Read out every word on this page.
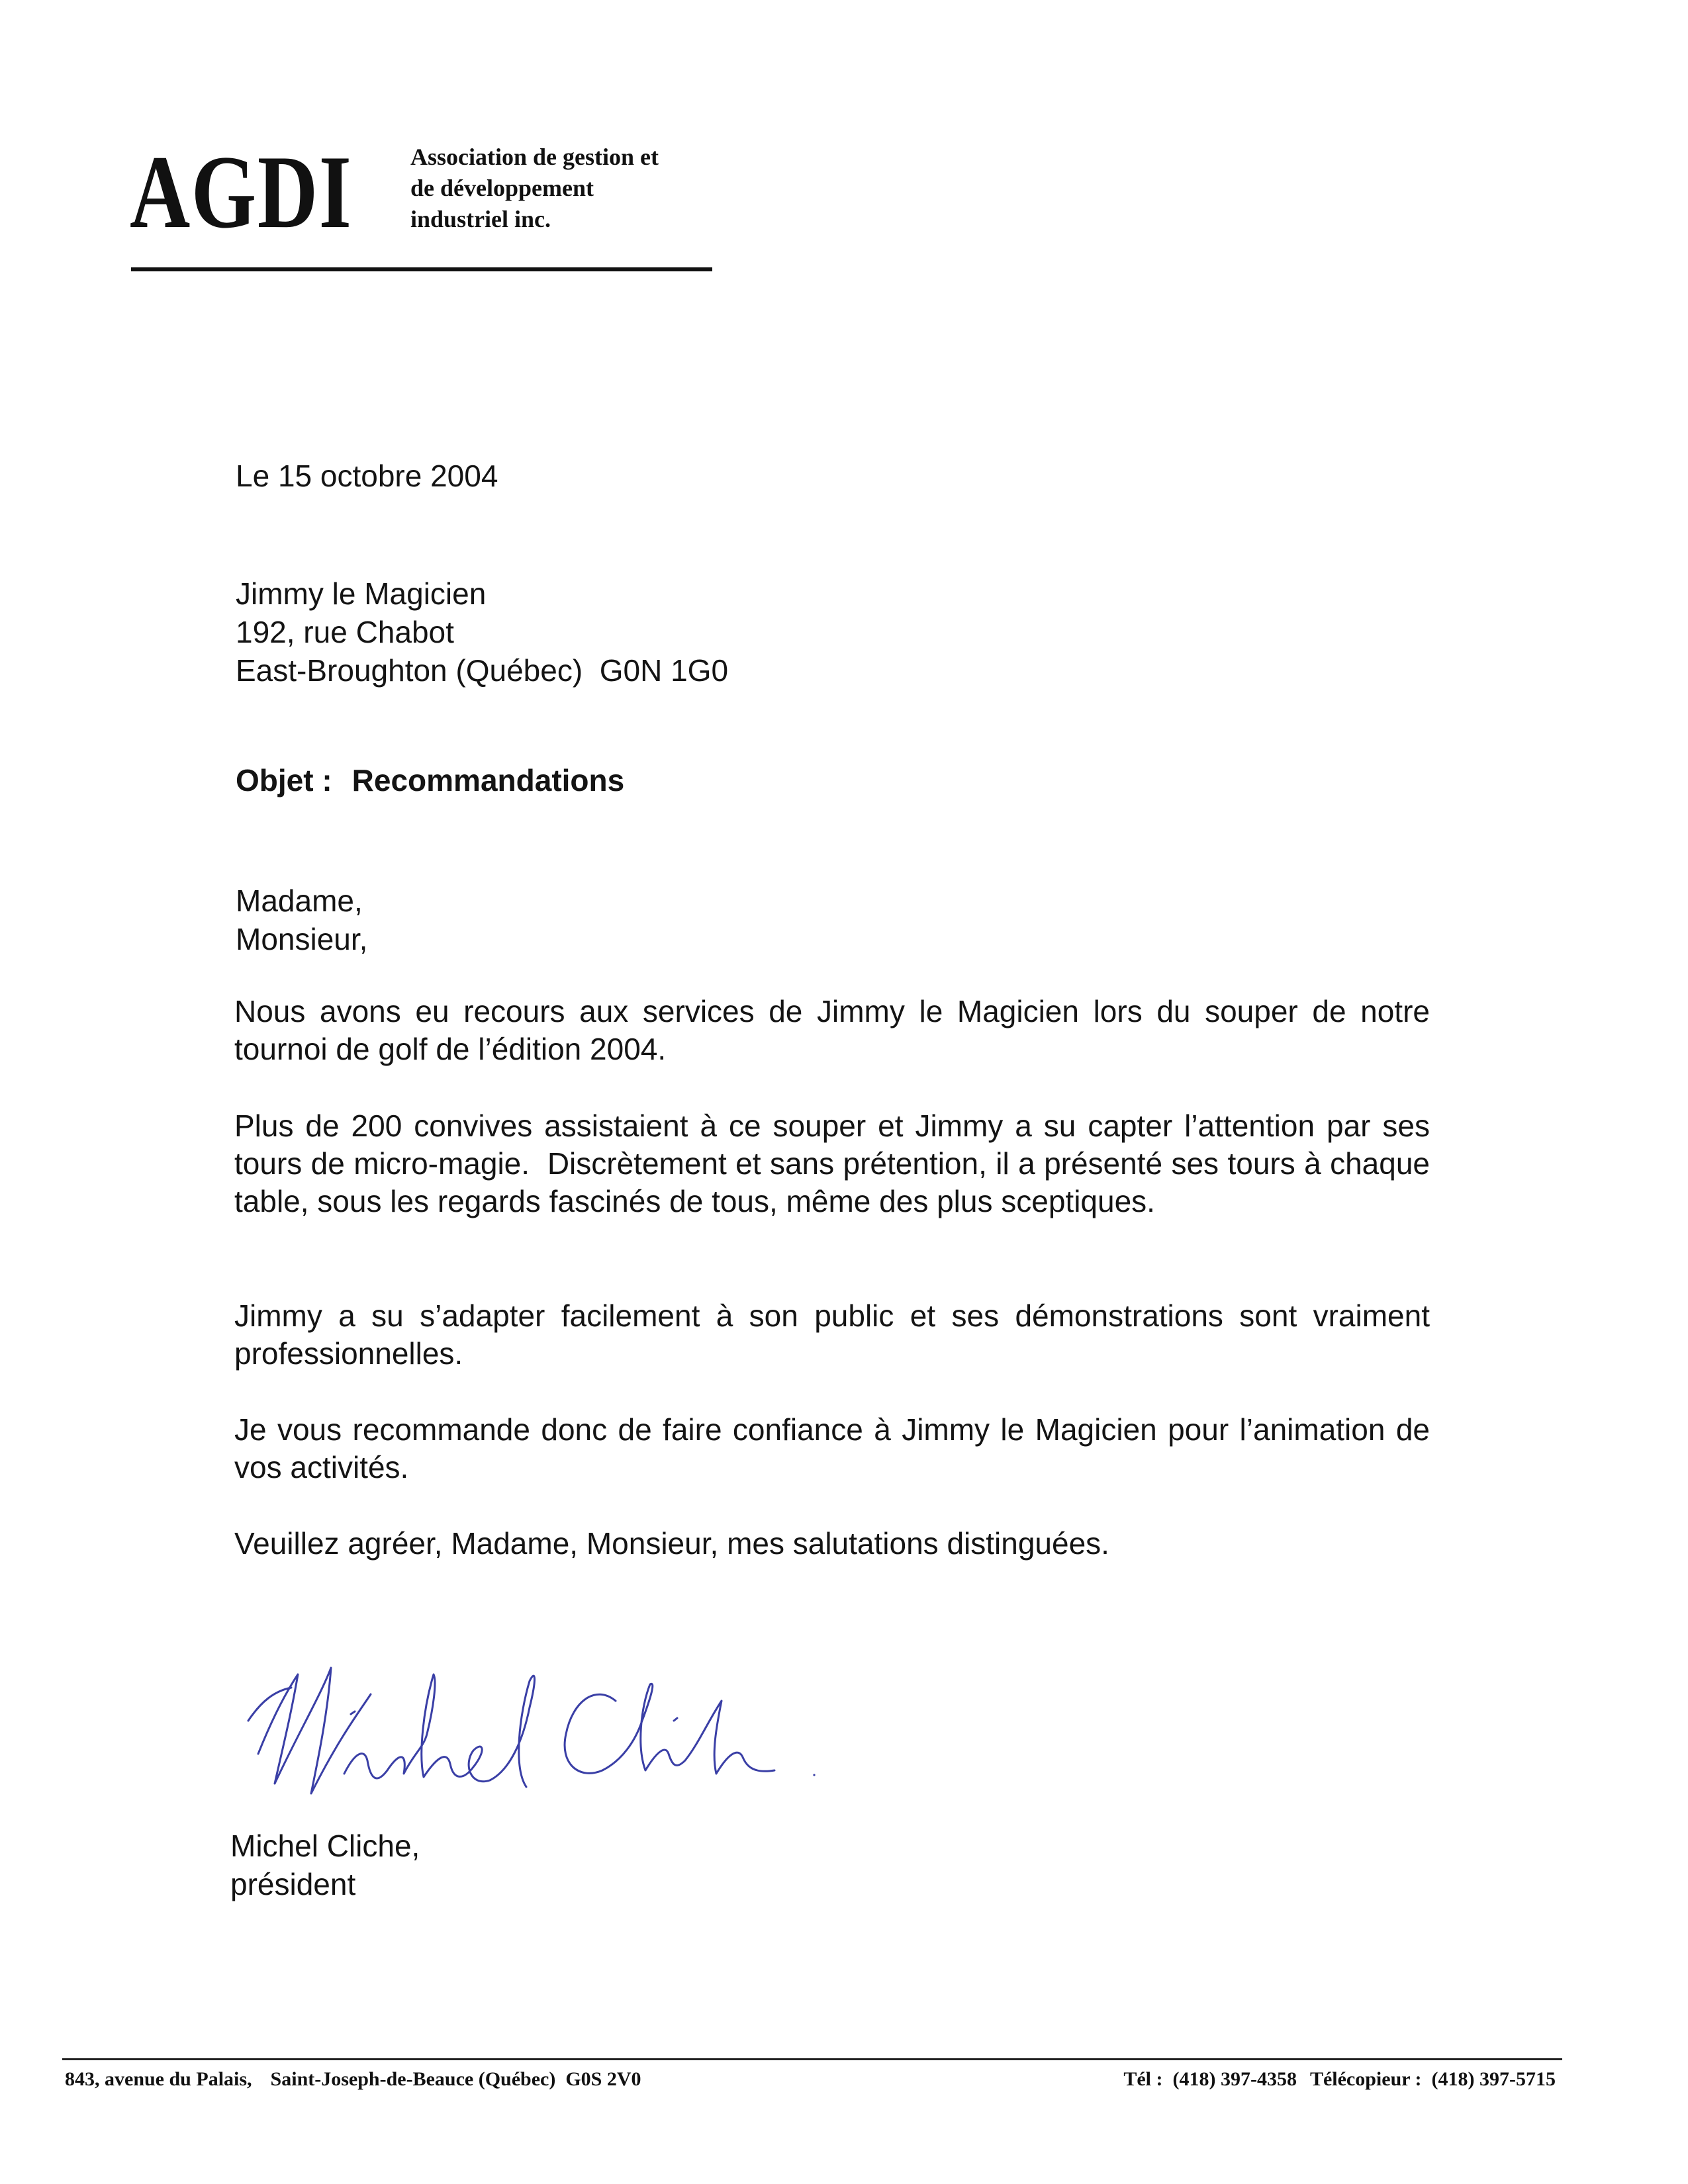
AGDI Association de gestion et
de développement
industriel inc.
Le 15 octobre 2004
Jimmy le Magicien
192, rue Chabot
East-Broughton (Québec)  G0N 1G0
Objet : Recommandations
Madame,
Monsieur,
Nous avons eu recours aux services de Jimmy le Magicien lors du souper de notre tournoi de golf de l’édition 2004.
Plus de 200 convives assistaient à ce souper et Jimmy a su capter l’attention par ses tours de micro-magie.  Discrètement et sans prétention, il a présenté ses tours à chaque table, sous les regards fascinés de tous, même des plus sceptiques.
Jimmy a su s’adapter facilement à son public et ses démonstrations sont vraiment professionnelles.
Je vous recommande donc de faire confiance à Jimmy le Magicien pour l’animation de vos activités.
Veuillez agréer, Madame, Monsieur, mes salutations distinguées.
Michel Cliche,
président
843, avenue du Palais, Saint-Joseph-de-Beauce (Québec)  G0S 2V0	Tél :  (418) 397-4358 Télécopieur :  (418) 397-5715
